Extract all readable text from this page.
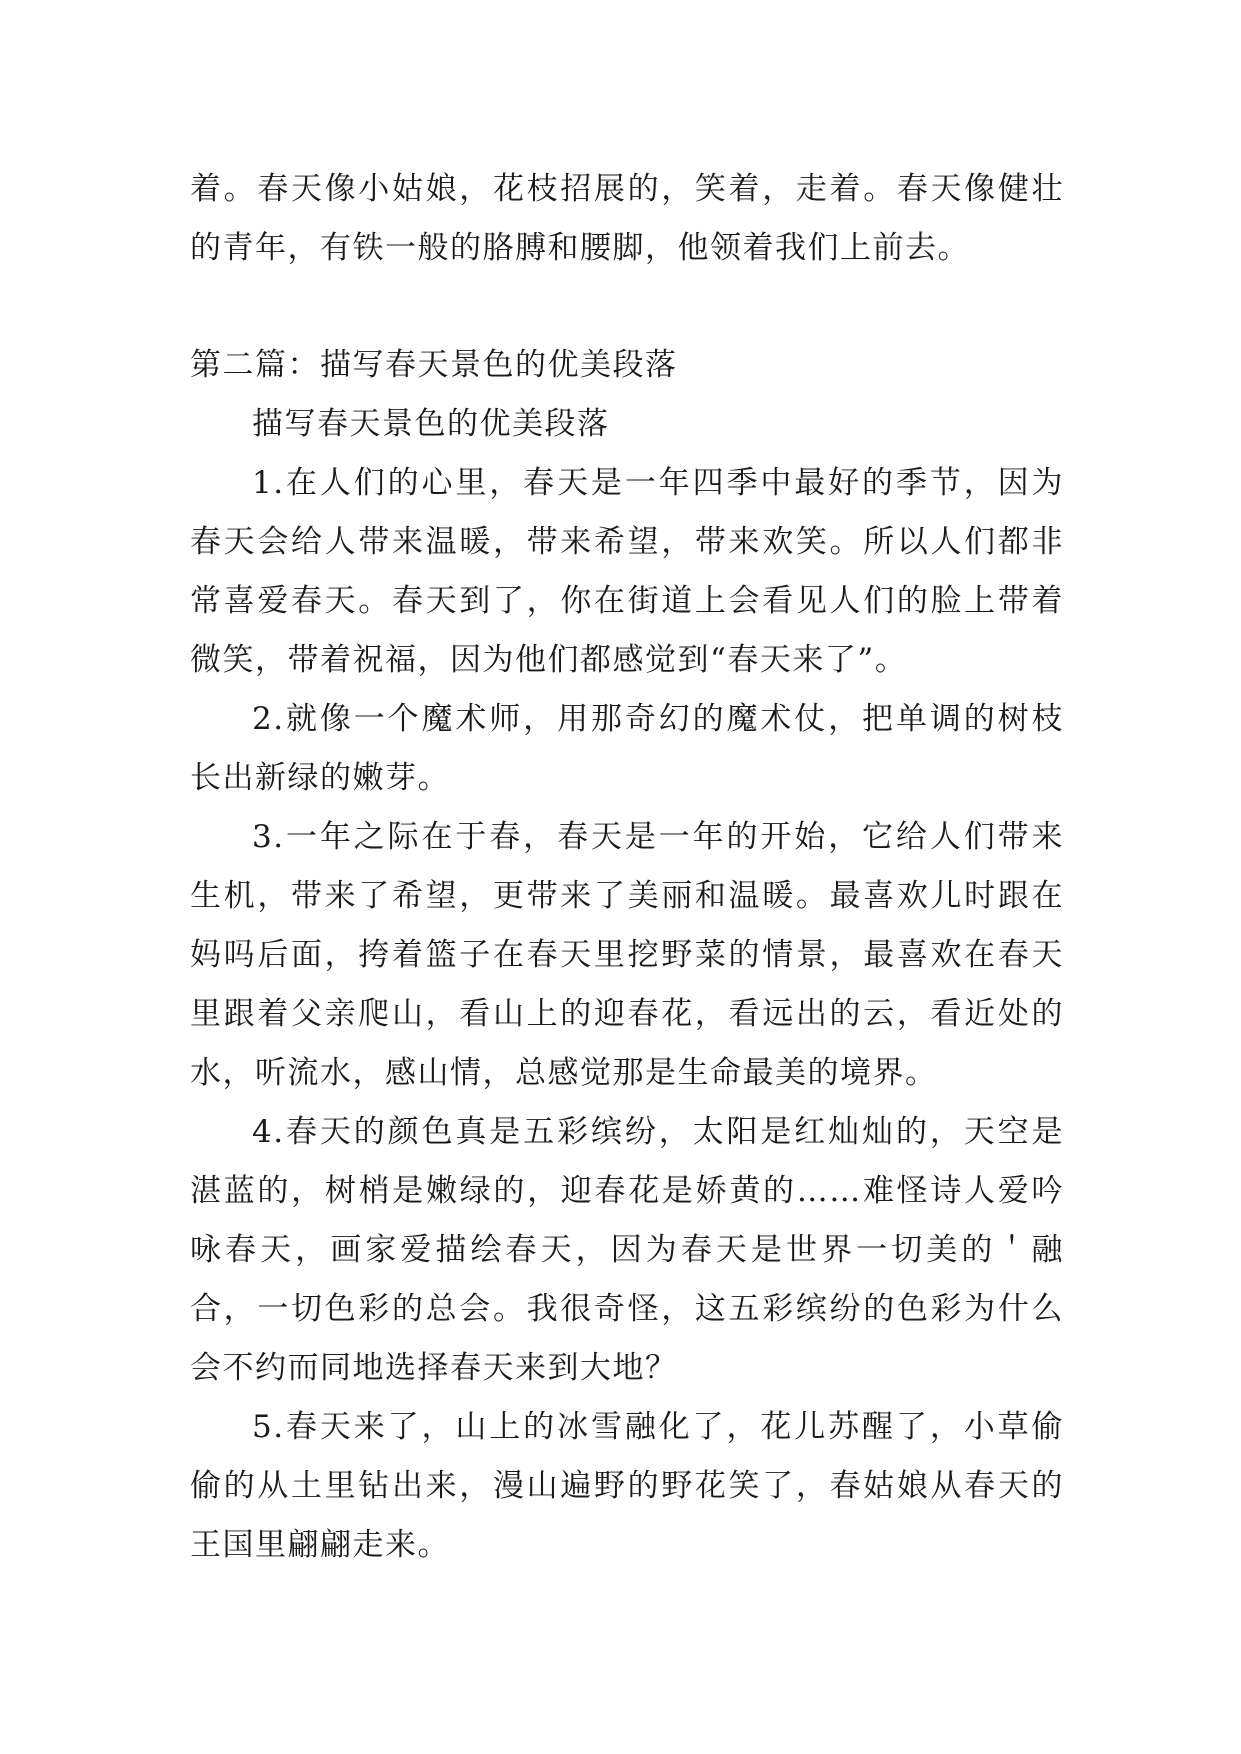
着。春天像小姑娘，花枝招展的，笑着，走着。春天像健壮的青年，有铁一般的胳膊和腰脚，他领着我们上前去。

第二篇：描写春天景色的优美段落

描写春天景色的优美段落

1.在人们的心里，春天是一年四季中最好的季节，因为春天会给人带来温暖，带来希望，带来欢笑。所以人们都非常喜爱春天。春天到了，你在街道上会看见人们的脸上带着微笑，带着祝福，因为他们都感觉到“春天来了”。

2.就像一个魔术师，用那奇幻的魔术仗，把单调的树枝长出新绿的嫩芽。

3.一年之际在于春，春天是一年的开始，它给人们带来生机，带来了希望，更带来了美丽和温暖。最喜欢儿时跟在妈吗后面，挎着篮子在春天里挖野菜的情景，最喜欢在春天里跟着父亲爬山，看山上的迎春花，看远出的云，看近处的水，听流水，感山情，总感觉那是生命最美的境界。

4.春天的颜色真是五彩缤纷，太阳是红灿灿的，天空是湛蓝的，树梢是嫩绿的，迎春花是娇黄的……难怪诗人爱吟咏春天，画家爱描绘春天，因为春天是世界一切美的＇融合，一切色彩的总会。我很奇怪，这五彩缤纷的色彩为什么会不约而同地选择春天来到大地？

5.春天来了，山上的冰雪融化了，花儿苏醒了，小草偷偷的从土里钻出来，漫山遍野的野花笑了，春姑娘从春天的王国里翩翩走来。
